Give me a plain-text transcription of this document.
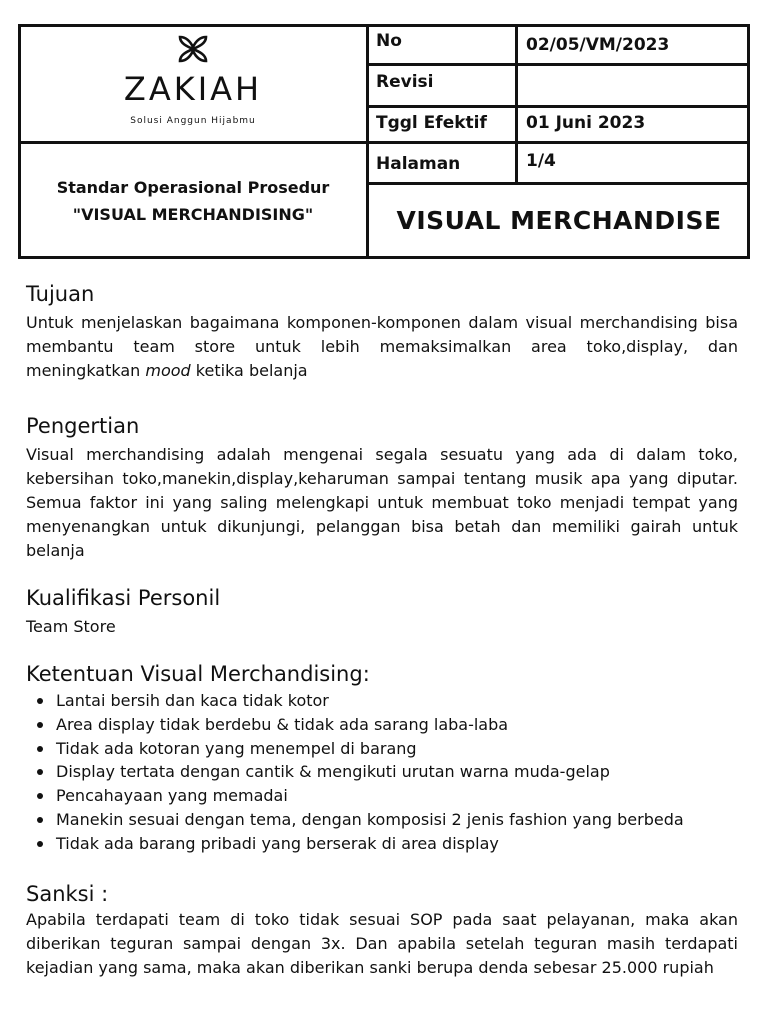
ZAKIAH
Solusi Anggun Hijabmu
No	02/05/VM/2023
Revisi
Tggl Efektif 01 Juni 2023
Halaman	1/4
Standar Operasional Prosedur
"VISUAL MERCHANDISING"	VISUAL MERCHANDISE
Tujuan
Untuk menjelaskan bagaimana komponen-komponen dalam visual merchandising bisa membantu team store untuk lebih memaksimalkan area toko,display, dan meningkatkan mood ketika belanja
Pengertian
Visual merchandising adalah mengenai segala sesuatu yang ada di dalam toko, kebersihan toko,manekin,display,keharuman sampai tentang musik apa yang diputar. Semua faktor ini yang saling melengkapi untuk membuat toko menjadi tempat yang menyenangkan untuk dikunjungi, pelanggan bisa betah dan memiliki gairah untuk belanja
Kualifikasi Personil
Team Store
Ketentuan Visual Merchandising:
Lantai bersih dan kaca tidak kotor
Area display tidak berdebu & tidak ada sarang laba-laba
Tidak ada kotoran yang menempel di barang
Display tertata dengan cantik & mengikuti urutan warna muda-gelap
Pencahayaan yang memadai
Manekin sesuai dengan tema, dengan komposisi 2 jenis fashion yang berbeda
Tidak ada barang pribadi yang berserak di area display
Sanksi :
Apabila terdapati team di toko tidak sesuai SOP pada saat pelayanan, maka akan diberikan teguran sampai dengan 3x. Dan apabila setelah teguran masih terdapati kejadian yang sama, maka akan diberikan sanki berupa denda sebesar 25.000 rupiah
